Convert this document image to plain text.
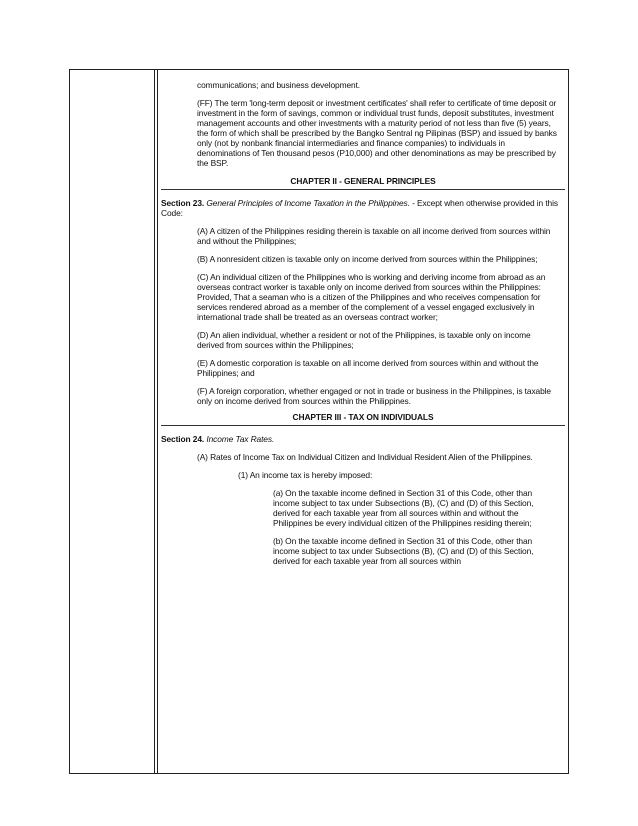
communications; and business development.

(FF) The term 'long-term deposit or investment certificates' shall refer to certificate of time deposit or investment in the form of savings, common or individual trust funds, deposit substitutes, investment management accounts and other investments with a maturity period of not less than five (5) years, the form of which shall be prescribed by the Bangko Sentral ng Pilipinas (BSP) and issued by banks only (not by nonbank financial intermediaries and finance companies) to individuals in denominations of Ten thousand pesos (P10,000) and other denominations as may be prescribed by the BSP.

CHAPTER II - GENERAL PRINCIPLES

Section 23. General Principles of Income Taxation in the Philippines. - Except when otherwise provided in this Code:

(A) A citizen of the Philippines residing therein is taxable on all income derived from sources within and without the Philippines;

(B) A nonresident citizen is taxable only on income derived from sources within the Philippines;

(C) An individual citizen of the Philippines who is working and deriving income from abroad as an overseas contract worker is taxable only on income derived from sources within the Philippines: Provided, That a seaman who is a citizen of the Philippines and who receives compensation for services rendered abroad as a member of the complement of a vessel engaged exclusively in international trade shall be treated as an overseas contract worker;

(D) An alien individual, whether a resident or not of the Philippines, is taxable only on income derived from sources within the Philippines;

(E) A domestic corporation is taxable on all income derived from sources within and without the Philippines; and

(F) A foreign corporation, whether engaged or not in trade or business in the Philippines, is taxable only on income derived from sources within the Philippines.

CHAPTER III - TAX ON INDIVIDUALS

Section 24. Income Tax Rates.

(A) Rates of Income Tax on Individual Citizen and Individual Resident Alien of the Philippines.

(1) An income tax is hereby imposed:

(a) On the taxable income defined in Section 31 of this Code, other than income subject to tax under Subsections (B), (C) and (D) of this Section, derived for each taxable year from all sources within and without the Philippines be every individual citizen of the Philippines residing therein;

(b) On the taxable income defined in Section 31 of this Code, other than income subject to tax under Subsections (B), (C) and (D) of this Section, derived for each taxable year from all sources within
